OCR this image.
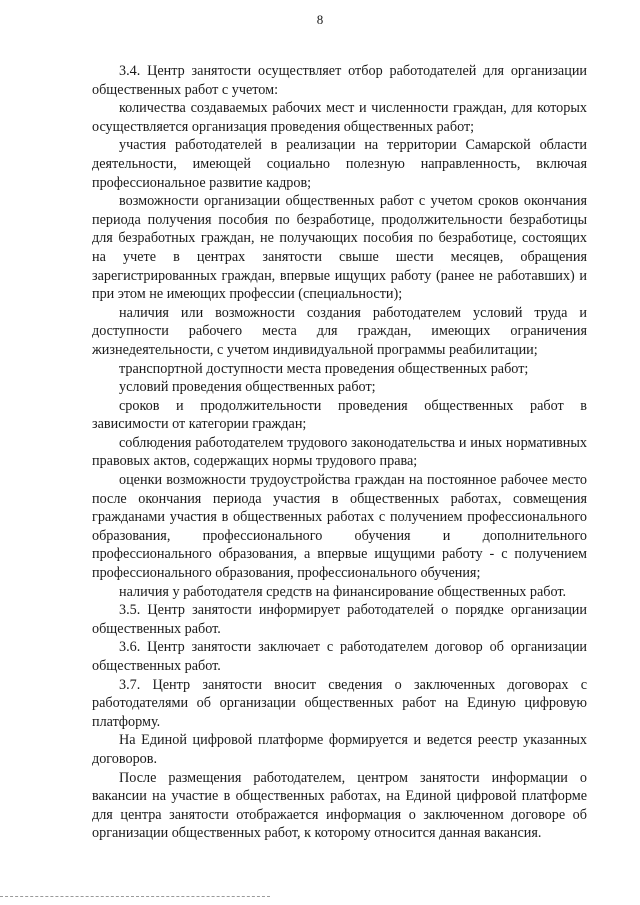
8

3.4. Центр занятости осуществляет отбор работодателей для организации общественных работ с учетом:

количества создаваемых рабочих мест и численности граждан, для которых осуществляется организация проведения общественных работ;

участия работодателей в реализации на территории Самарской области деятельности, имеющей социально полезную направленность, включая профессиональное развитие кадров;

возможности организации общественных работ с учетом сроков окончания периода получения пособия по безработице, продолжительности безработицы для безработных граждан, не получающих пособия по безработице, состоящих на учете в центрах занятости свыше шести месяцев, обращения зарегистрированных граждан, впервые ищущих работу (ранее не работавших) и при этом не имеющих профессии (специальности);

наличия или возможности создания работодателем условий труда и доступности рабочего места для граждан, имеющих ограничения жизнедеятельности, с учетом индивидуальной программы реабилитации;

транспортной доступности места проведения общественных работ;

условий проведения общественных работ;

сроков и продолжительности проведения общественных работ в зависимости от категории граждан;

соблюдения работодателем трудового законодательства и иных нормативных правовых актов, содержащих нормы трудового права;

оценки возможности трудоустройства граждан на постоянное рабочее место после окончания периода участия в общественных работах, совмещения гражданами участия в общественных работах с получением профессионального образования, профессионального обучения и дополнительного профессионального образования, а впервые ищущими работу - с получением профессионального образования, профессионального обучения;

наличия у работодателя средств на финансирование общественных работ.

3.5. Центр занятости информирует работодателей о порядке организации общественных работ.

3.6. Центр занятости заключает с работодателем договор об организации общественных работ.

3.7. Центр занятости вносит сведения о заключенных договорах с работодателями об организации общественных работ на Единую цифровую платформу.

На Единой цифровой платформе формируется и ведется реестр указанных договоров.

После размещения работодателем, центром занятости информации о вакансии на участие в общественных работах, на Единой цифровой платформе для центра занятости отображается информация о заключенном договоре об организации общественных работ, к которому относится данная вакансия.
